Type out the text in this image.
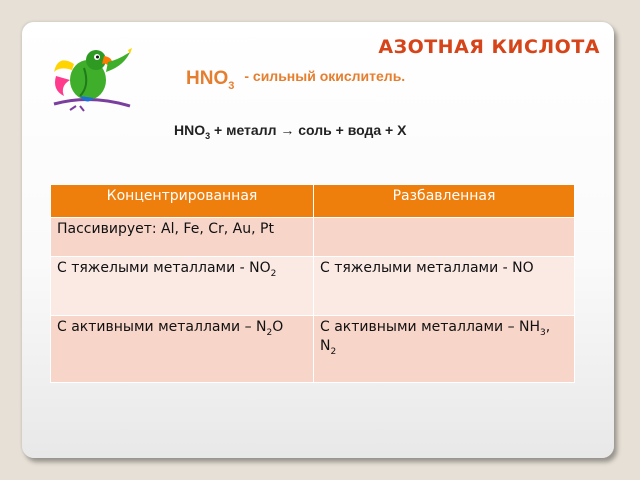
АЗОТНАЯ КИСЛОТА
$HNO_3-$ сильный окислитель.
$HNO_3$ + металл → соль + вода + Х
Концентрированная	Разбавленная
Пассивирует: Al, Fe, Cr, Au, Pt	
С тяжелыми металлами - $NO_2$	С тяжелыми металлами - NO
С активными металлами – $N_2O$	С активными металлами – $NH_3$, $N_2$
